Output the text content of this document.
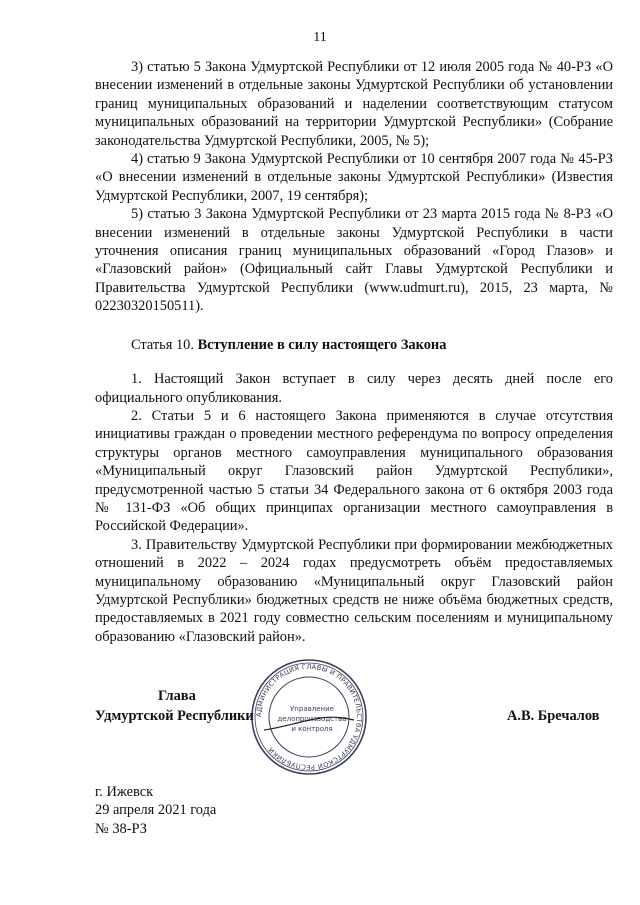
11

3) статью 5 Закона Удмуртской Республики от 12 июля 2005 года № 40-РЗ «О внесении изменений в отдельные законы Удмуртской Республики об установлении границ муниципальных образований и наделении соответствующим статусом муниципальных образований на территории Удмуртской Республики» (Собрание законодательства Удмуртской Республики, 2005, № 5);

4) статью 9 Закона Удмуртской Республики от 10 сентября 2007 года № 45-РЗ «О внесении изменений в отдельные законы Удмуртской Республики» (Известия Удмуртской Республики, 2007, 19 сентября);

5) статью 3 Закона Удмуртской Республики от 23 марта 2015 года № 8-РЗ «О внесении изменений в отдельные законы Удмуртской Республики в части уточнения описания границ муниципальных образований «Город Глазов» и «Глазовский район» (Официальный сайт Главы Удмуртской Республики и Правительства Удмуртской Республики (www.udmurt.ru), 2015, 23 марта, № 02230320150511).

Статья 10. Вступление в силу настоящего Закона

1. Настоящий Закон вступает в силу через десять дней после его официального опубликования.

2. Статьи 5 и 6 настоящего Закона применяются в случае отсутствия инициативы граждан о проведении местного референдума по вопросу определения структуры органов местного самоуправления муниципального образования «Муниципальный округ Глазовский район Удмуртской Республики», предусмотренной частью 5 статьи 34 Федерального закона от 6 октября 2003 года № 131-ФЗ «Об общих принципах организации местного самоуправления в Российской Федерации».

3. Правительству Удмуртской Республики при формировании межбюджетных отношений в 2022 – 2024 годах предусмотреть объём предоставляемых муниципальному образованию «Муниципальный округ Глазовский район Удмуртской Республики» бюджетных средств не ниже объёма бюджетных средств, предоставляемых в 2021 году совместно сельским поселениям и муниципальному образованию «Глазовский район».

АДМИНИСТРАЦИЯ ГЛАВЫ И ПРАВИТЕЛЬСТВА УДМУРТСКОЙ РЕСПУБЛИКИ
Управление
делопроизводства
и контроля
Глава
Удмуртской Республики	А.В. Бречалов
г. Ижевск
29 апреля 2021 года
№ 38-РЗ
